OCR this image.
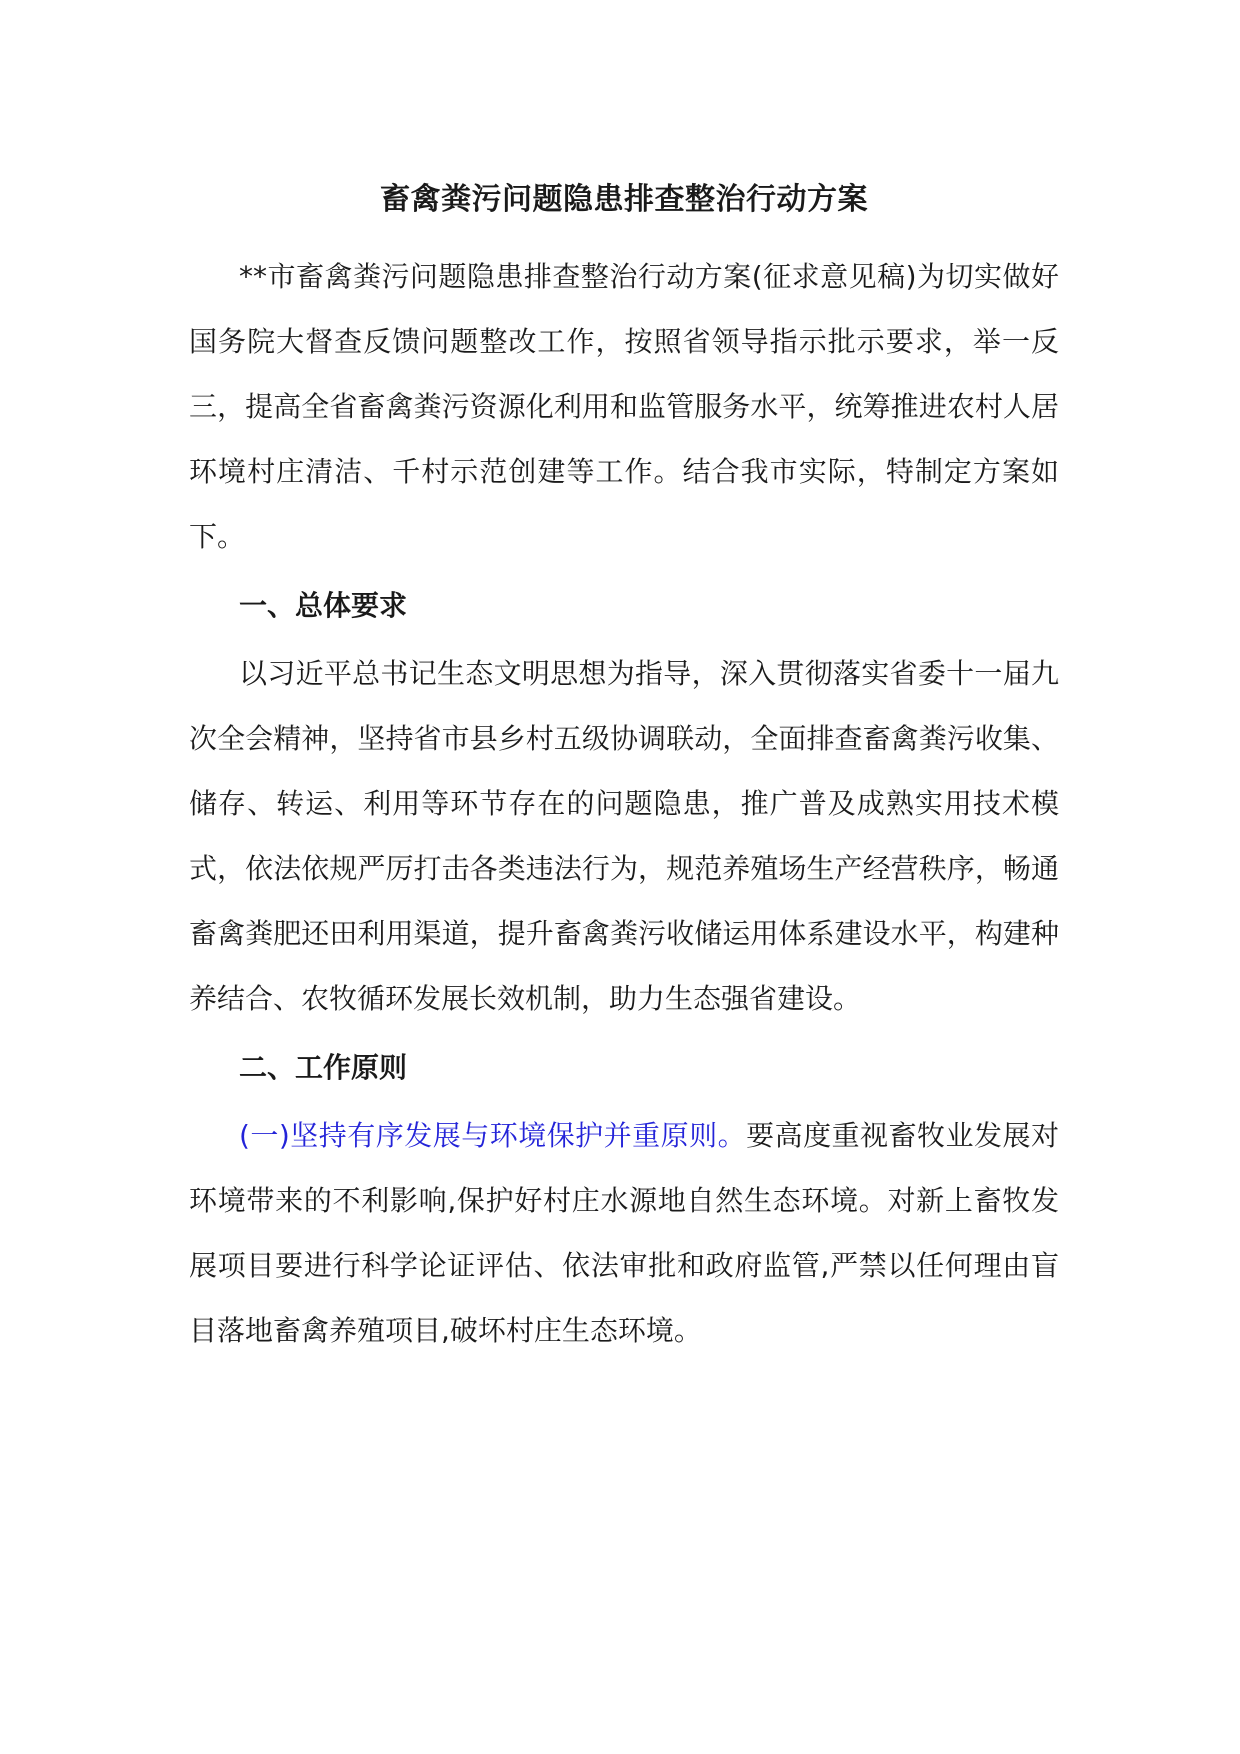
畜禽粪污问题隐患排查整治行动方案

**市畜禽粪污问题隐患排查整治行动方案(征求意见稿)为切实做好国务院大督查反馈问题整改工作，按照省领导指示批示要求，举一反三，提高全省畜禽粪污资源化利用和监管服务水平，统筹推进农村人居环境村庄清洁、千村示范创建等工作。结合我市实际，特制定方案如下。

一、总体要求

以习近平总书记生态文明思想为指导，深入贯彻落实省委十一届九次全会精神，坚持省市县乡村五级协调联动，全面排查畜禽粪污收集、储存、转运、利用等环节存在的问题隐患，推广普及成熟实用技术模式，依法依规严厉打击各类违法行为，规范养殖场生产经营秩序，畅通畜禽粪肥还田利用渠道，提升畜禽粪污收储运用体系建设水平，构建种养结合、农牧循环发展长效机制，助力生态强省建设。

二、工作原则

(一)坚持有序发展与环境保护并重原则。要高度重视畜牧业发展对环境带来的不利影响,保护好村庄水源地自然生态环境。对新上畜牧发展项目要进行科学论证评估、依法审批和政府监管,严禁以任何理由盲目落地畜禽养殖项目,破坏村庄生态环境。
